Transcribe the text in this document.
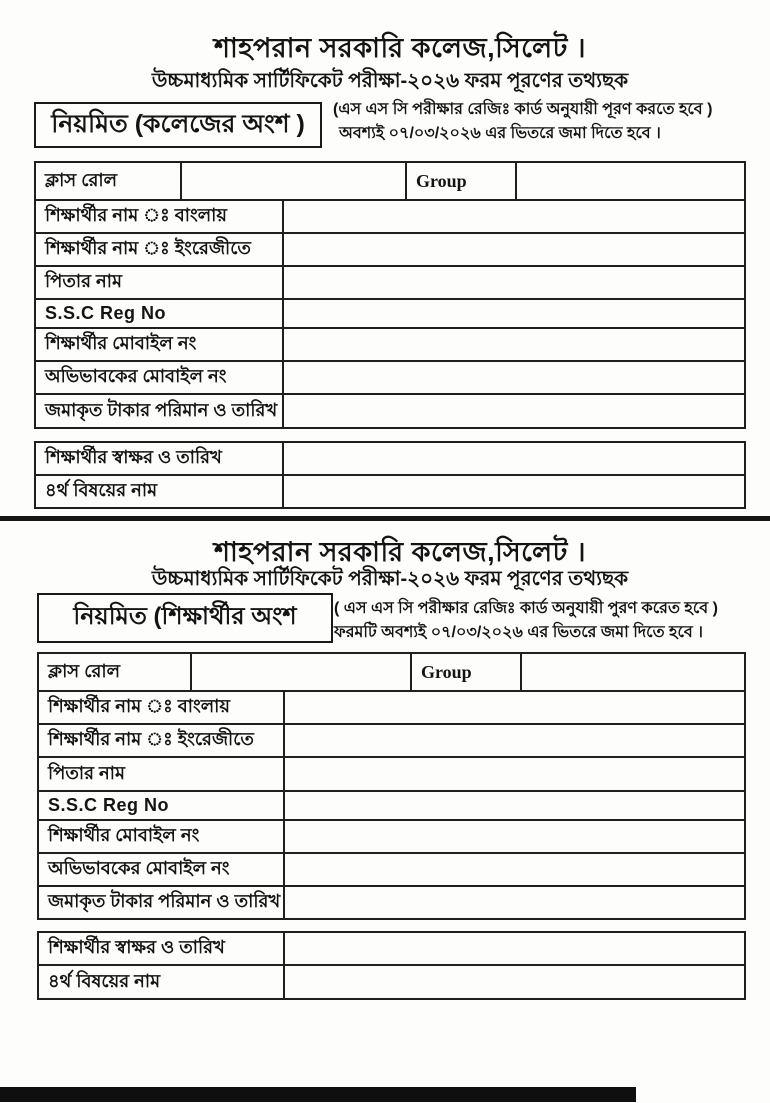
শাহপরান সরকারি কলেজ,সিলেট ।
উচ্চমাধ্যমিক সার্টিফিকেট পরীক্ষা-২০২৬ ফরম পূরণের তথ্যছক
নিয়মিত (কলেজের অংশ )	(এস এস সি পরীক্ষার রেজিঃ কার্ড অনুযায়ী পূরণ করতে হবে )
অবশ্যই ০৭/০৩/২০২৬ এর ভিতরে জমা দিতে হবে ।
ক্লাস রোল		Group	
শিক্ষার্থীর নাম ঃ বাংলায়	
শিক্ষার্থীর নাম ঃ ইংরেজীতে	
পিতার নাম	
S.S.C Reg No	
শিক্ষার্থীর মোবাইল নং	
অভিভাবকের মোবাইল নং	
জমাকৃত টাকার পরিমান ও তারিখ	
শিক্ষার্থীর স্বাক্ষর ও তারিখ	
৪র্থ বিষয়ের নাম	
শাহপরান সরকারি কলেজ,সিলেট ।
উচ্চমাধ্যমিক সার্টিফিকেট পরীক্ষা-২০২৬ ফরম পূরণের তথ্যছক
নিয়মিত (শিক্ষার্থীর অংশ	( এস এস সি পরীক্ষার রেজিঃ কার্ড অনুযায়ী পুরণ করেত হবে )
ফরমটি অবশ্যই ০৭/০৩/২০২৬ এর ভিতরে জমা দিতে হবে ।
ক্লাস রোল		Group	
শিক্ষার্থীর নাম ঃ বাংলায়	
শিক্ষার্থীর নাম ঃ ইংরেজীতে	
পিতার নাম	
S.S.C Reg No	
শিক্ষার্থীর মোবাইল নং	
অভিভাবকের মোবাইল নং	
জমাকৃত টাকার পরিমান ও তারিখ	
শিক্ষার্থীর স্বাক্ষর ও তারিখ	
৪র্থ বিষয়ের নাম	
